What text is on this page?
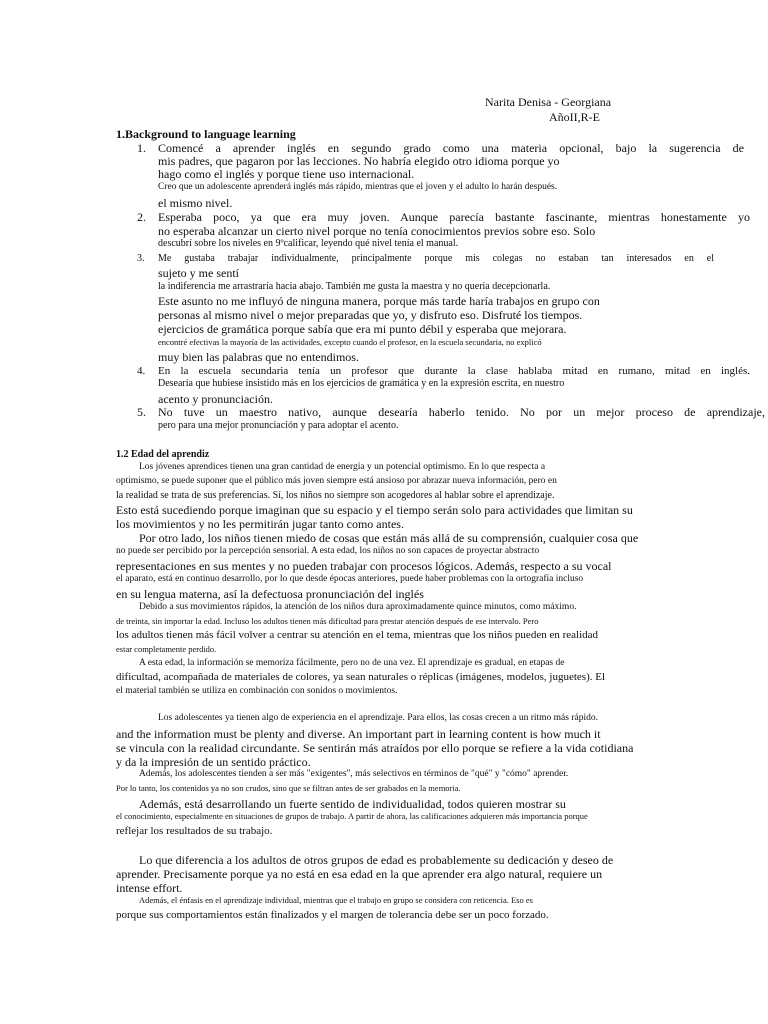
Narita Denisa - Georgiana
AñoII,R-E
1.Background to language learning
1. Comencé a aprender inglés en segundo grado como una materia opcional, bajo la sugerencia de
mis padres, que pagaron por las lecciones. No habría elegido otro idioma porque yo
hago como el inglés y porque tiene uso internacional.
Creo que un adolescente aprenderá inglés más rápido, mientras que el joven y el adulto lo harán después.
el mismo nivel.
2. Esperaba poco, ya que era muy joven. Aunque parecía bastante fascinante, mientras honestamente yo
no esperaba alcanzar un cierto nivel porque no tenía conocimientos previos sobre eso. Solo
descubrí sobre los niveles en 9ºcalificar, leyendo qué nivel tenía el manual.
3. Me gustaba trabajar individualmente, principalmente porque mis colegas no estaban tan interesados en el
sujeto y me sentí
la indiferencia me arrastraría hacia abajo. También me gusta la maestra y no quería decepcionarla.
Este asunto no me influyó de ninguna manera, porque más tarde haría trabajos en grupo con
personas al mismo nivel o mejor preparadas que yo, y disfruto eso. Disfruté los tiempos.
ejercicios de gramática porque sabía que era mi punto débil y esperaba que mejorara.
encontré efectivas la mayoría de las actividades, excepto cuando el profesor, en la escuela secundaria, no explicó
muy bien las palabras que no entendimos.
4. En la escuela secundaria tenía un profesor que durante la clase hablaba mitad en rumano, mitad en inglés.
Desearía que hubiese insistido más en los ejercicios de gramática y en la expresión escrita, en nuestro
acento y pronunciación.
5. No tuve un maestro nativo, aunque desearía haberlo tenido. No por un mejor proceso de aprendizaje,
pero para una mejor pronunciación y para adoptar el acento.
1.2 Edad del aprendiz
Los jóvenes aprendices tienen una gran cantidad de energía y un potencial optimismo. En lo que respecta a
optimismo, se puede suponer que el público más joven siempre está ansioso por abrazar nueva información, pero en
la realidad se trata de sus preferencias. Sí, los niños no siempre son acogedores al hablar sobre el aprendizaje.
Esto está sucediendo porque imaginan que su espacio y el tiempo serán solo para actividades que limitan su
los movimientos y no les permitirán jugar tanto como antes.
Por otro lado, los niños tienen miedo de cosas que están más allá de su comprensión, cualquier cosa que
no puede ser percibido por la percepción sensorial. A esta edad, los niños no son capaces de proyectar abstracto
representaciones en sus mentes y no pueden trabajar con procesos lógicos. Además, respecto a su vocal
el aparato, está en continuo desarrollo, por lo que desde épocas anteriores, puede haber problemas con la ortografía incluso
en su lengua materna, así la defectuosa pronunciación del inglés
Debido a sus movimientos rápidos, la atención de los niños dura aproximadamente quince minutos, como máximo.
de treinta, sin importar la edad. Incluso los adultos tienen más dificultad para prestar atención después de ese intervalo. Pero
los adultos tienen más fácil volver a centrar su atención en el tema, mientras que los niños pueden en realidad
estar completamente perdido.
A esta edad, la información se memoriza fácilmente, pero no de una vez. El aprendizaje es gradual, en etapas de
dificultad, acompañada de materiales de colores, ya sean naturales o réplicas (imágenes, modelos, juguetes). El
el material también se utiliza en combinación con sonidos o movimientos.
Los adolescentes ya tienen algo de experiencia en el aprendizaje. Para ellos, las cosas crecen a un ritmo más rápido.
and the information must be plenty and diverse. An important part in learning content is how much it
se vincula con la realidad circundante. Se sentirán más atraídos por ello porque se refiere a la vida cotidiana
y da la impresión de un sentido práctico.
Además, los adolescentes tienden a ser más "exigentes", más selectivos en términos de "qué" y "cómo" aprender.
Por lo tanto, los contenidos ya no son crudos, sino que se filtran antes de ser grabados en la memoria.
Además, está desarrollando un fuerte sentido de individualidad, todos quieren mostrar su
el conocimiento, especialmente en situaciones de grupos de trabajo. A partir de ahora, las calificaciones adquieren más importancia porque
reflejar los resultados de su trabajo.
Lo que diferencia a los adultos de otros grupos de edad es probablemente su dedicación y deseo de
aprender. Precisamente porque ya no está en esa edad en la que aprender era algo natural, requiere un
intense effort.
Además, el énfasis en el aprendizaje individual, mientras que el trabajo en grupo se considera con reticencia. Eso es
porque sus comportamientos están finalizados y el margen de tolerancia debe ser un poco forzado.
